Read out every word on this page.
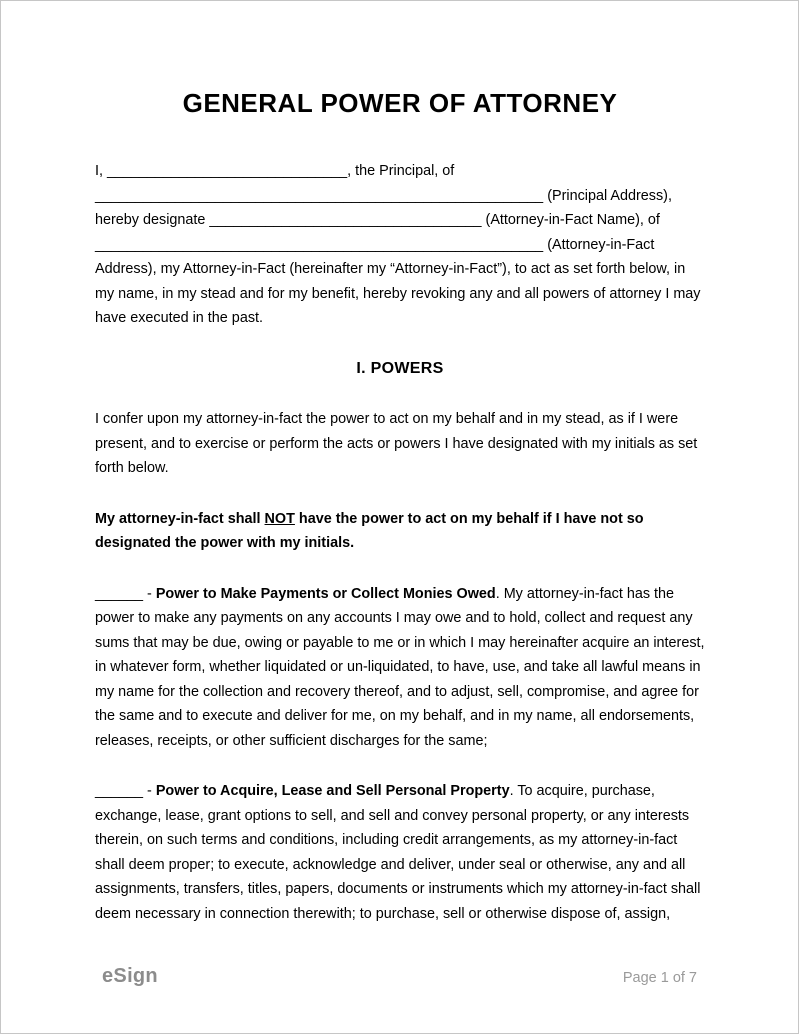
GENERAL POWER OF ATTORNEY

I, ______________________________, the Principal, of ________________________________________________________ (Principal Address), hereby designate __________________________________ (Attorney-in-Fact Name), of ________________________________________________________ (Attorney-in-Fact Address), my Attorney-in-Fact (hereinafter my “Attorney-in-Fact”), to act as set forth below, in my name, in my stead and for my benefit, hereby revoking any and all powers of attorney I may have executed in the past.

I. POWERS

I confer upon my attorney-in-fact the power to act on my behalf and in my stead, as if I were present, and to exercise or perform the acts or powers I have designated with my initials as set forth below.

My attorney-in-fact shall NOT have the power to act on my behalf if I have not so designated the power with my initials.

______ - Power to Make Payments or Collect Monies Owed. My attorney-in-fact has the power to make any payments on any accounts I may owe and to hold, collect and request any sums that may be due, owing or payable to me or in which I may hereinafter acquire an interest, in whatever form, whether liquidated or un-liquidated, to have, use, and take all lawful means in my name for the collection and recovery thereof, and to adjust, sell, compromise, and agree for the same and to execute and deliver for me, on my behalf, and in my name, all endorsements, releases, receipts, or other sufficient discharges for the same;

______ - Power to Acquire, Lease and Sell Personal Property. To acquire, purchase, exchange, lease, grant options to sell, and sell and convey personal property, or any interests therein, on such terms and conditions, including credit arrangements, as my attorney-in-fact shall deem proper; to execute, acknowledge and deliver, under seal or otherwise, any and all assignments, transfers, titles, papers, documents or instruments which my attorney-in-fact shall deem necessary in connection therewith; to purchase, sell or otherwise dispose of, assign,

eSign	Page 1 of 7
